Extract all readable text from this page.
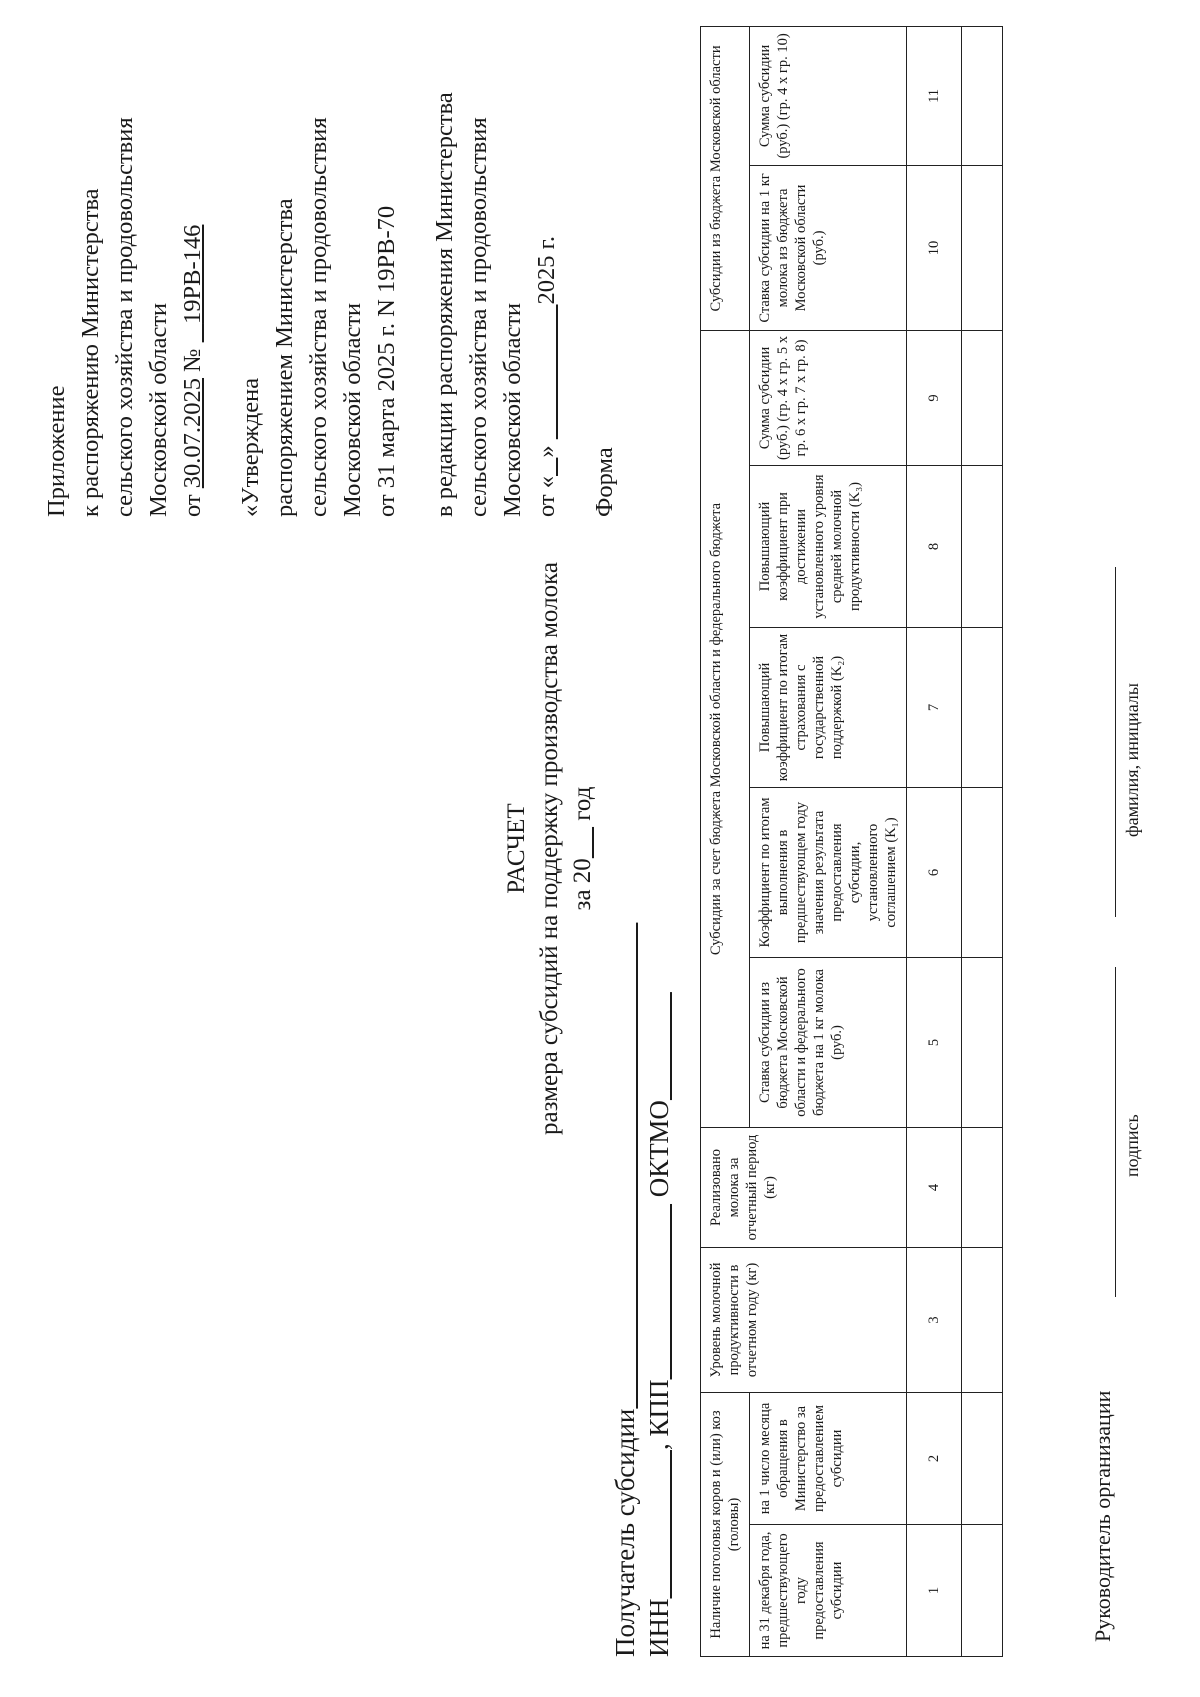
Приложение к распоряжению Министерства сельского хозяйства и продовольствия Московской области от 30.07.2025 №    19РВ-146

«Утверждена распоряжением Министерства сельского хозяйства и продовольствия Московской области от 31 марта 2025 г. N 19РВ-70 в редакции распоряжения Министерства сельского хозяйства и продовольствия Московской области от «   »                       2025 г.

Форма

РАСЧЕТ размера субсидий на поддержку производства молока за 20      год
Получатель субсидии ИНН                      , КПП                           ОКТМО
Наличие поголовья коров и (или) коз (головы)		Уровень молочной продуктивности в отчетном году (кг)	Реализовано молока за отчетный период (кг)	Субсидии за счет бюджета Московской области и федерального бюджета					Субсидии из бюджета Московской области	
на 31 декабря года, предшествующего году предоставления субсидии	на 1 число месяца обращения в Министерство за предоставлением субсидии			Ставка субсидии из бюджета Московской области и федерального бюджета на 1 кг молока (руб.)	Коэффициент по итогам выполнения в предшествующем году значения результата предоставления субсидии, установленного соглашением (K₁)	Повышающий коэффициент по итогам страхования с государственной поддержкой (K₂)	Повышающий коэффициент при достижении установленного уровня средней молочной продуктивности (K₃)	Сумма субсидии (руб.) (гр. 4 x гр. 5 x гр. 6 x гр. 7 x гр. 8)	Ставка субсидии на 1 кг молока из бюджета Московской области (руб.)	Сумма субсидии (руб.) (гр. 4 x гр. 10)
1	2	3	4	5	6	7	8	9	10	11

Руководитель организации
подпись
фамилия, инициалы
